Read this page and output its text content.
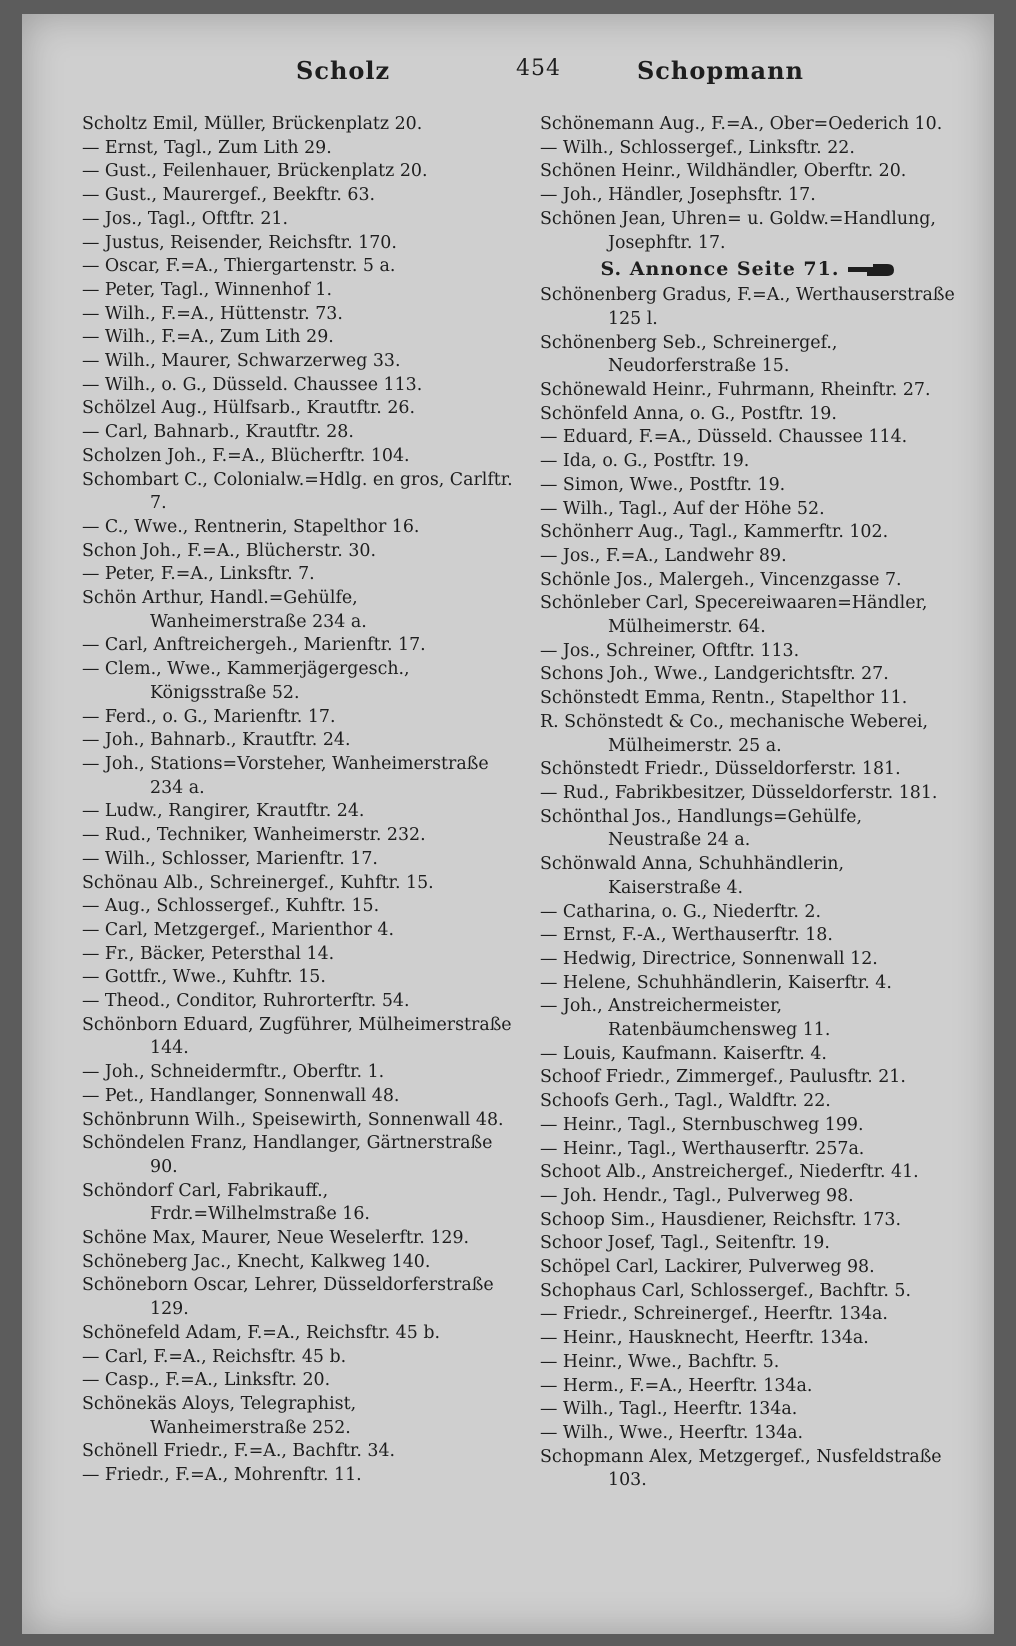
Scholz	454	Schopmann
Scholtz Emil, Müller, Brückenplatz 20.
— Ernst, Tagl., Zum Lith 29.
— Gust., Feilenhauer, Brückenplatz 20.
— Gust., Maurergef., Beekftr. 63.
— Jos., Tagl., Oftftr. 21.
— Justus, Reisender, Reichsftr. 170.
— Oscar, F.=A., Thiergartenstr. 5 a.
— Peter, Tagl., Winnenhof 1.
— Wilh., F.=A., Hüttenstr. 73.
— Wilh., F.=A., Zum Lith 29.
— Wilh., Maurer, Schwarzerweg 33.
— Wilh., o. G., Düsseld. Chaussee 113.
Schölzel Aug., Hülfsarb., Krautftr. 26.
— Carl, Bahnarb., Krautftr. 28.
Scholzen Joh., F.=A., Blücherftr. 104.
Schombart C., Colonialw.=Hdlg. en gros, Carlftr. 7.
— C., Wwe., Rentnerin, Stapelthor 16.
Schon Joh., F.=A., Blücherstr. 30.
— Peter, F.=A., Linksftr. 7.
Schön Arthur, Handl.=Gehülfe, Wanheimerstraße 234 a.
— Carl, Anftreichergeh., Marienftr. 17.
— Clem., Wwe., Kammerjägergesch., Königsstraße 52.
— Ferd., o. G., Marienftr. 17.
— Joh., Bahnarb., Krautftr. 24.
— Joh., Stations=Vorsteher, Wanheimerstraße 234 a.
— Ludw., Rangirer, Krautftr. 24.
— Rud., Techniker, Wanheimerstr. 232.
— Wilh., Schlosser, Marienftr. 17.
Schönau Alb., Schreinergef., Kuhftr. 15.
— Aug., Schlossergef., Kuhftr. 15.
— Carl, Metzgergef., Marienthor 4.
— Fr., Bäcker, Petersthal 14.
— Gottfr., Wwe., Kuhftr. 15.
— Theod., Conditor, Ruhrorterftr. 54.
Schönborn Eduard, Zugführer, Mülheimerstraße 144.
— Joh., Schneidermftr., Oberftr. 1.
— Pet., Handlanger, Sonnenwall 48.
Schönbrunn Wilh., Speisewirth, Sonnenwall 48.
Schöndelen Franz, Handlanger, Gärtnerstraße 90.
Schöndorf Carl, Fabrikauff., Frdr.=Wilhelmstraße 16.
Schöne Max, Maurer, Neue Weselerftr. 129.
Schöneberg Jac., Knecht, Kalkweg 140.
Schöneborn Oscar, Lehrer, Düsseldorferstraße 129.
Schönefeld Adam, F.=A., Reichsftr. 45 b.
— Carl, F.=A., Reichsftr. 45 b.
— Casp., F.=A., Linksftr. 20.
Schönekäs Aloys, Telegraphist, Wanheimerstraße 252.
Schönell Friedr., F.=A., Bachftr. 34.
— Friedr., F.=A., Mohrenftr. 11.
Schönemann Aug., F.=A., Ober=Oederich 10.
— Wilh., Schlossergef., Linksftr. 22.
Schönen Heinr., Wildhändler, Oberftr. 20.
— Joh., Händler, Josephsftr. 17.
Schönen Jean, Uhren= u. Goldw.=Handlung, Josephftr. 17.
S. Annonce Seite 71.
Schönenberg Gradus, F.=A., Werthauserstraße 125 l.
Schönenberg Seb., Schreinergef., Neudorferstraße 15.
Schönewald Heinr., Fuhrmann, Rheinftr. 27.
Schönfeld Anna, o. G., Postftr. 19.
— Eduard, F.=A., Düsseld. Chaussee 114.
— Ida, o. G., Postftr. 19.
— Simon, Wwe., Postftr. 19.
— Wilh., Tagl., Auf der Höhe 52.
Schönherr Aug., Tagl., Kammerftr. 102.
— Jos., F.=A., Landwehr 89.
Schönle Jos., Malergeh., Vincenzgasse 7.
Schönleber Carl, Specereiwaaren=Händler, Mülheimerstr. 64.
— Jos., Schreiner, Oftftr. 113.
Schons Joh., Wwe., Landgerichtsftr. 27.
Schönstedt Emma, Rentn., Stapelthor 11.
R. Schönstedt & Co., mechanische Weberei, Mülheimerstr. 25 a.
Schönstedt Friedr., Düsseldorferstr. 181.
— Rud., Fabrikbesitzer, Düsseldorferstr. 181.
Schönthal Jos., Handlungs=Gehülfe, Neustraße 24 a.
Schönwald Anna, Schuhhändlerin, Kaiserstraße 4.
— Catharina, o. G., Niederftr. 2.
— Ernst, F.-A., Werthauserftr. 18.
— Hedwig, Directrice, Sonnenwall 12.
— Helene, Schuhhändlerin, Kaiserftr. 4.
— Joh., Anstreichermeister, Ratenbäumchensweg 11.
— Louis, Kaufmann. Kaiserftr. 4.
Schoof Friedr., Zimmergef., Paulusftr. 21.
Schoofs Gerh., Tagl., Waldftr. 22.
— Heinr., Tagl., Sternbuschweg 199.
— Heinr., Tagl., Werthauserftr. 257a.
Schoot Alb., Anstreichergef., Niederftr. 41.
— Joh. Hendr., Tagl., Pulverweg 98.
Schoop Sim., Hausdiener, Reichsftr. 173.
Schoor Josef, Tagl., Seitenftr. 19.
Schöpel Carl, Lackirer, Pulverweg 98.
Schophaus Carl, Schlossergef., Bachftr. 5.
— Friedr., Schreinergef., Heerftr. 134a.
— Heinr., Hausknecht, Heerftr. 134a.
— Heinr., Wwe., Bachftr. 5.
— Herm., F.=A., Heerftr. 134a.
— Wilh., Tagl., Heerftr. 134a.
— Wilh., Wwe., Heerftr. 134a.
Schopmann Alex, Metzgergef., Nusfeldstraße 103.
